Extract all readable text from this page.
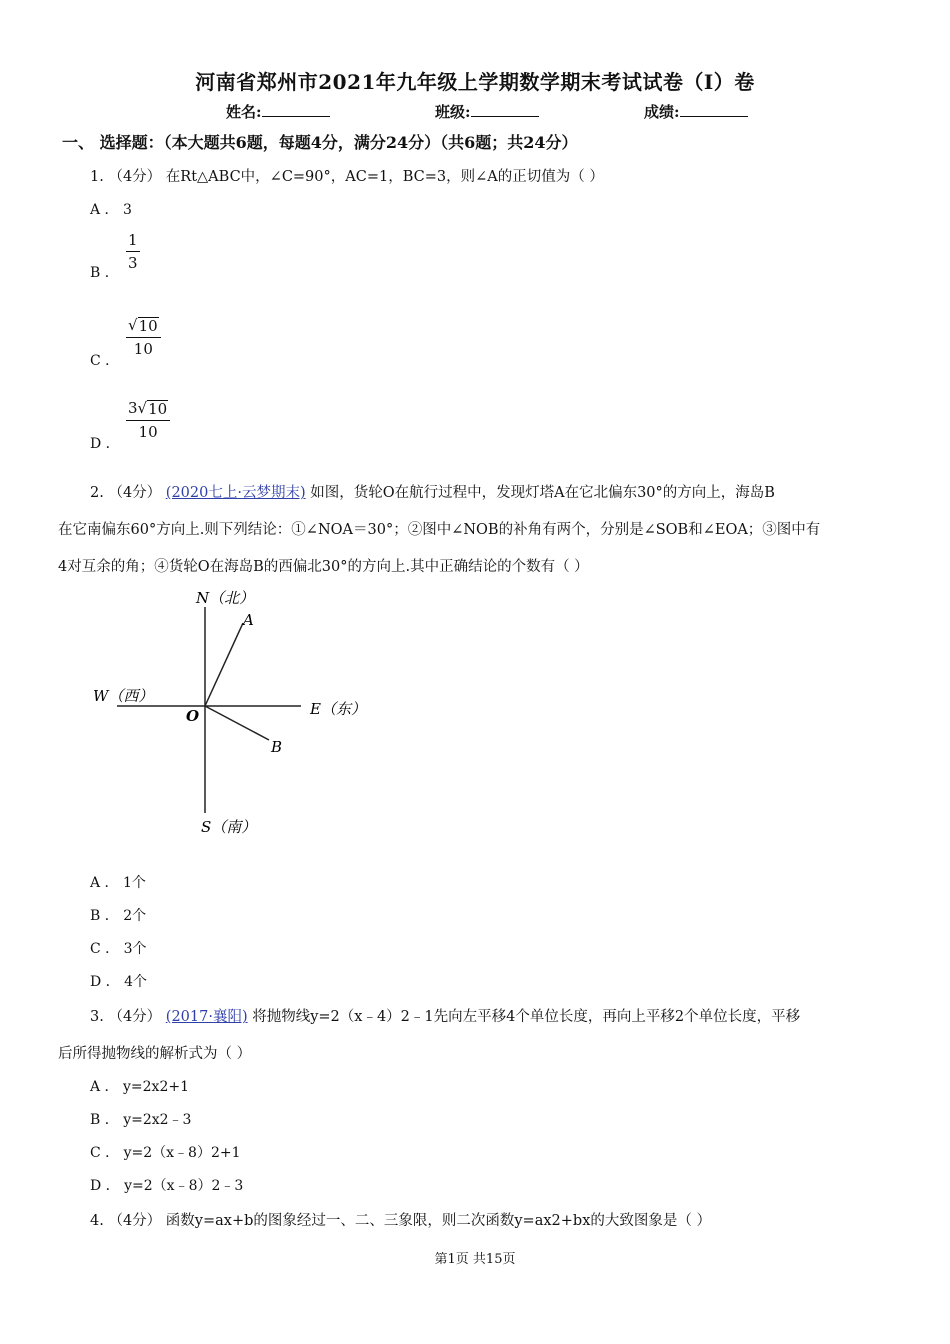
河南省郑州市2021年九年级上学期数学期末考试试卷（I）卷
姓名:	班级:	成绩:
一、 选择题：（本大题共6题，每题4分，满分24分）（共6题；共24分）
1. （4分） 在Rt△ABC中，∠C=90°，AC=1，BC=3，则∠A的正切值为（ ）
A ． 3
B ．
$\frac{1}{3}$
C ．
$\frac{√ 10}{10}$
D ．
$\frac{3 √ 10}{10}$
2. （4分） (2020七上·云梦期末) 如图，货轮O在航行过程中，发现灯塔A在它北偏东30°的方向上，海岛B
在它南偏东60°方向上.则下列结论：①∠NOA＝30°；②图中∠NOB的补角有两个，分别是∠SOB和∠EOA；③图中有
4对互余的角；④货轮O在海岛B的西偏北30°的方向上.其中正确结论的个数有（ ）
N（北）
A
W（西）
O	E（东）
B
S（南）
A ． 1个
B ． 2个
C ． 3个
D ． 4个
3. （4分） (2017·襄阳) 将抛物线y=2（x﹣4）2﹣1先向左平移4个单位长度，再向上平移2个单位长度，平移
后所得抛物线的解析式为（ ）
A ． y=2x2+1
B ． y=2x2﹣3
C ． y=2（x﹣8）2+1
D ． y=2（x﹣8）2﹣3
4. （4分） 函数y=ax+b的图象经过一、二、三象限，则二次函数y=ax2+bx的大致图象是（ ）
第1页 共15页
